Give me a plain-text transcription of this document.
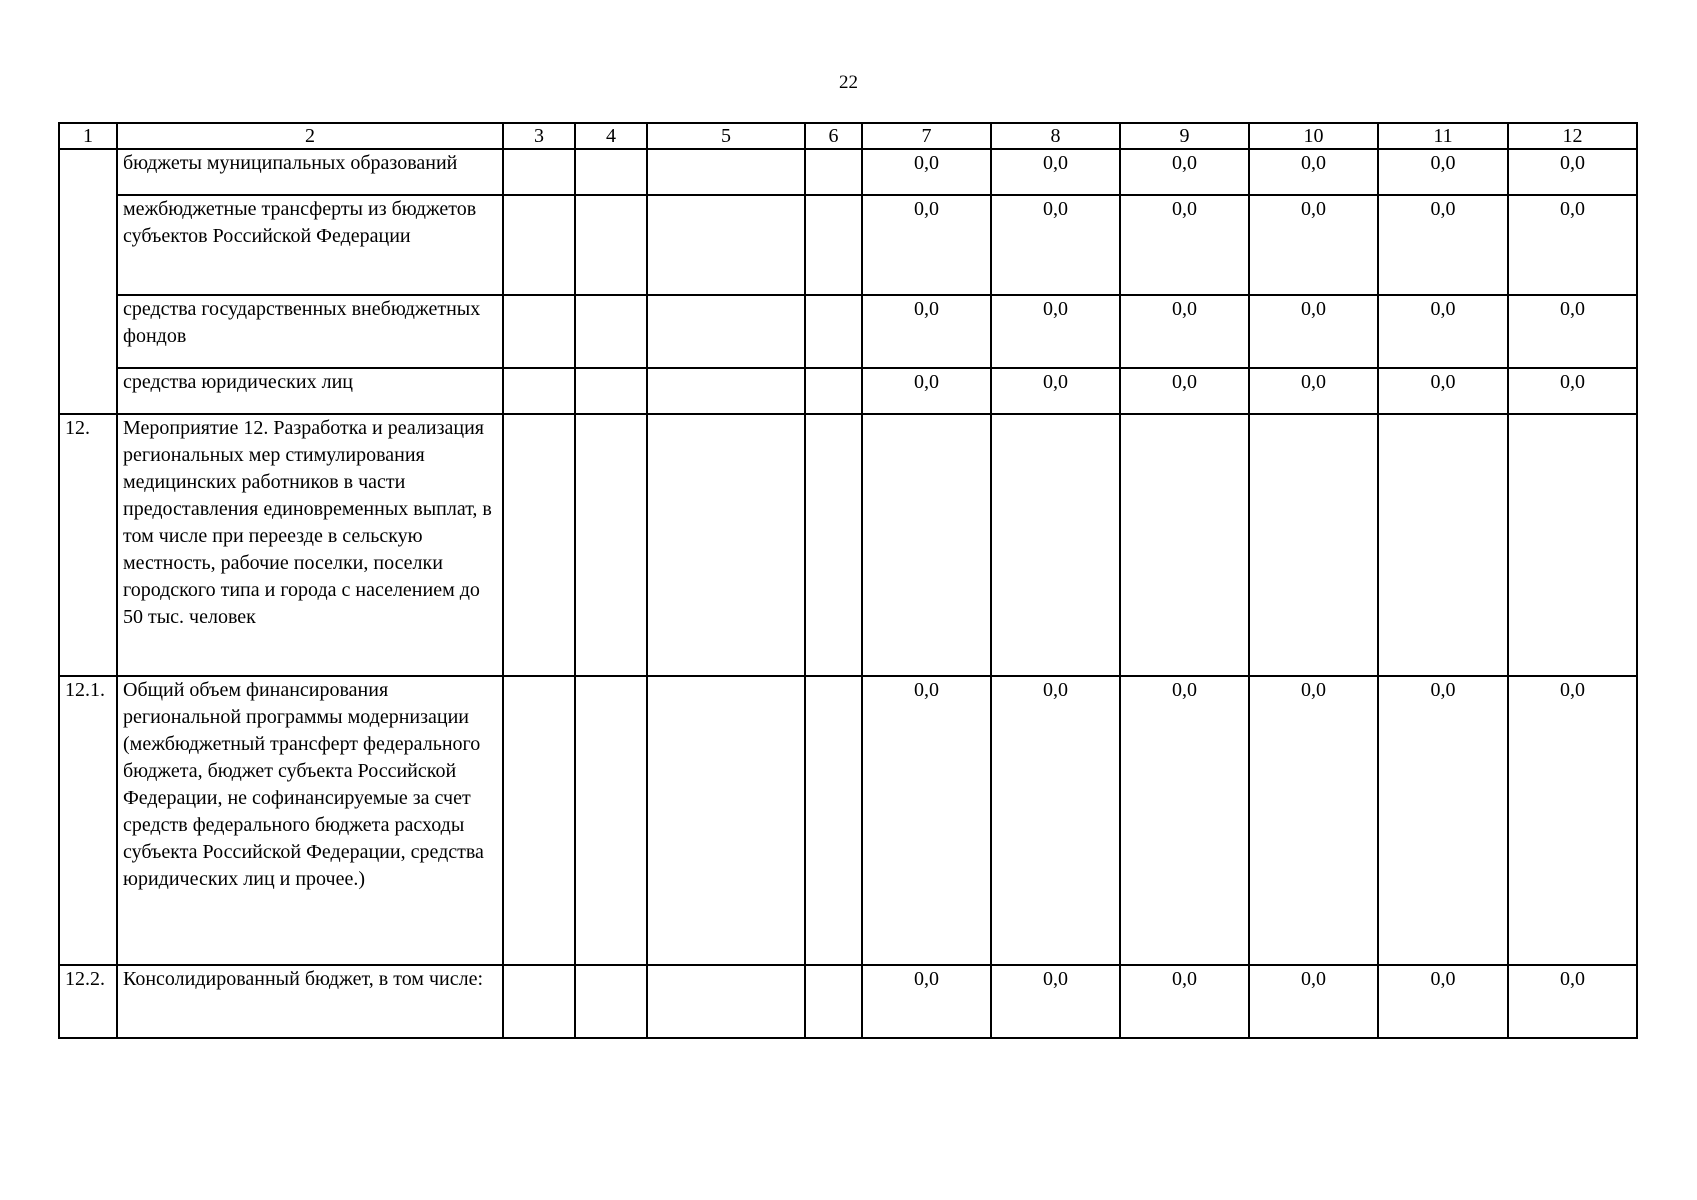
22
1	2	3	4	5	6	7	8	9	10	11	12
	бюджеты муниципальных образований					0,0	0,0	0,0	0,0	0,0	0,0
	межбюджетные трансферты из бюджетов субъектов Российской Федерации					0,0	0,0	0,0	0,0	0,0	0,0
	средства государственных внебюджетных фондов					0,0	0,0	0,0	0,0	0,0	0,0
	средства юридических лиц					0,0	0,0	0,0	0,0	0,0	0,0
12.	Мероприятие 12. Разработка и реализация региональных мер стимулирования медицинских работников в части предоставления единовременных выплат, в том числе при переезде в сельскую местность, рабочие поселки, поселки городского типа и города с населением до 50 тыс. человек										
12.1.	Общий объем финансирования региональной программы модернизации (межбюджетный трансферт федерального бюджета, бюджет субъекта Российской Федерации, не софинансируемые за счет средств федерального бюджета расходы субъекта Российской Федерации, средства юридических лиц и прочее.)					0,0	0,0	0,0	0,0	0,0	0,0
12.2.	Консолидированный бюджет, в том числе:					0,0	0,0	0,0	0,0	0,0	0,0
